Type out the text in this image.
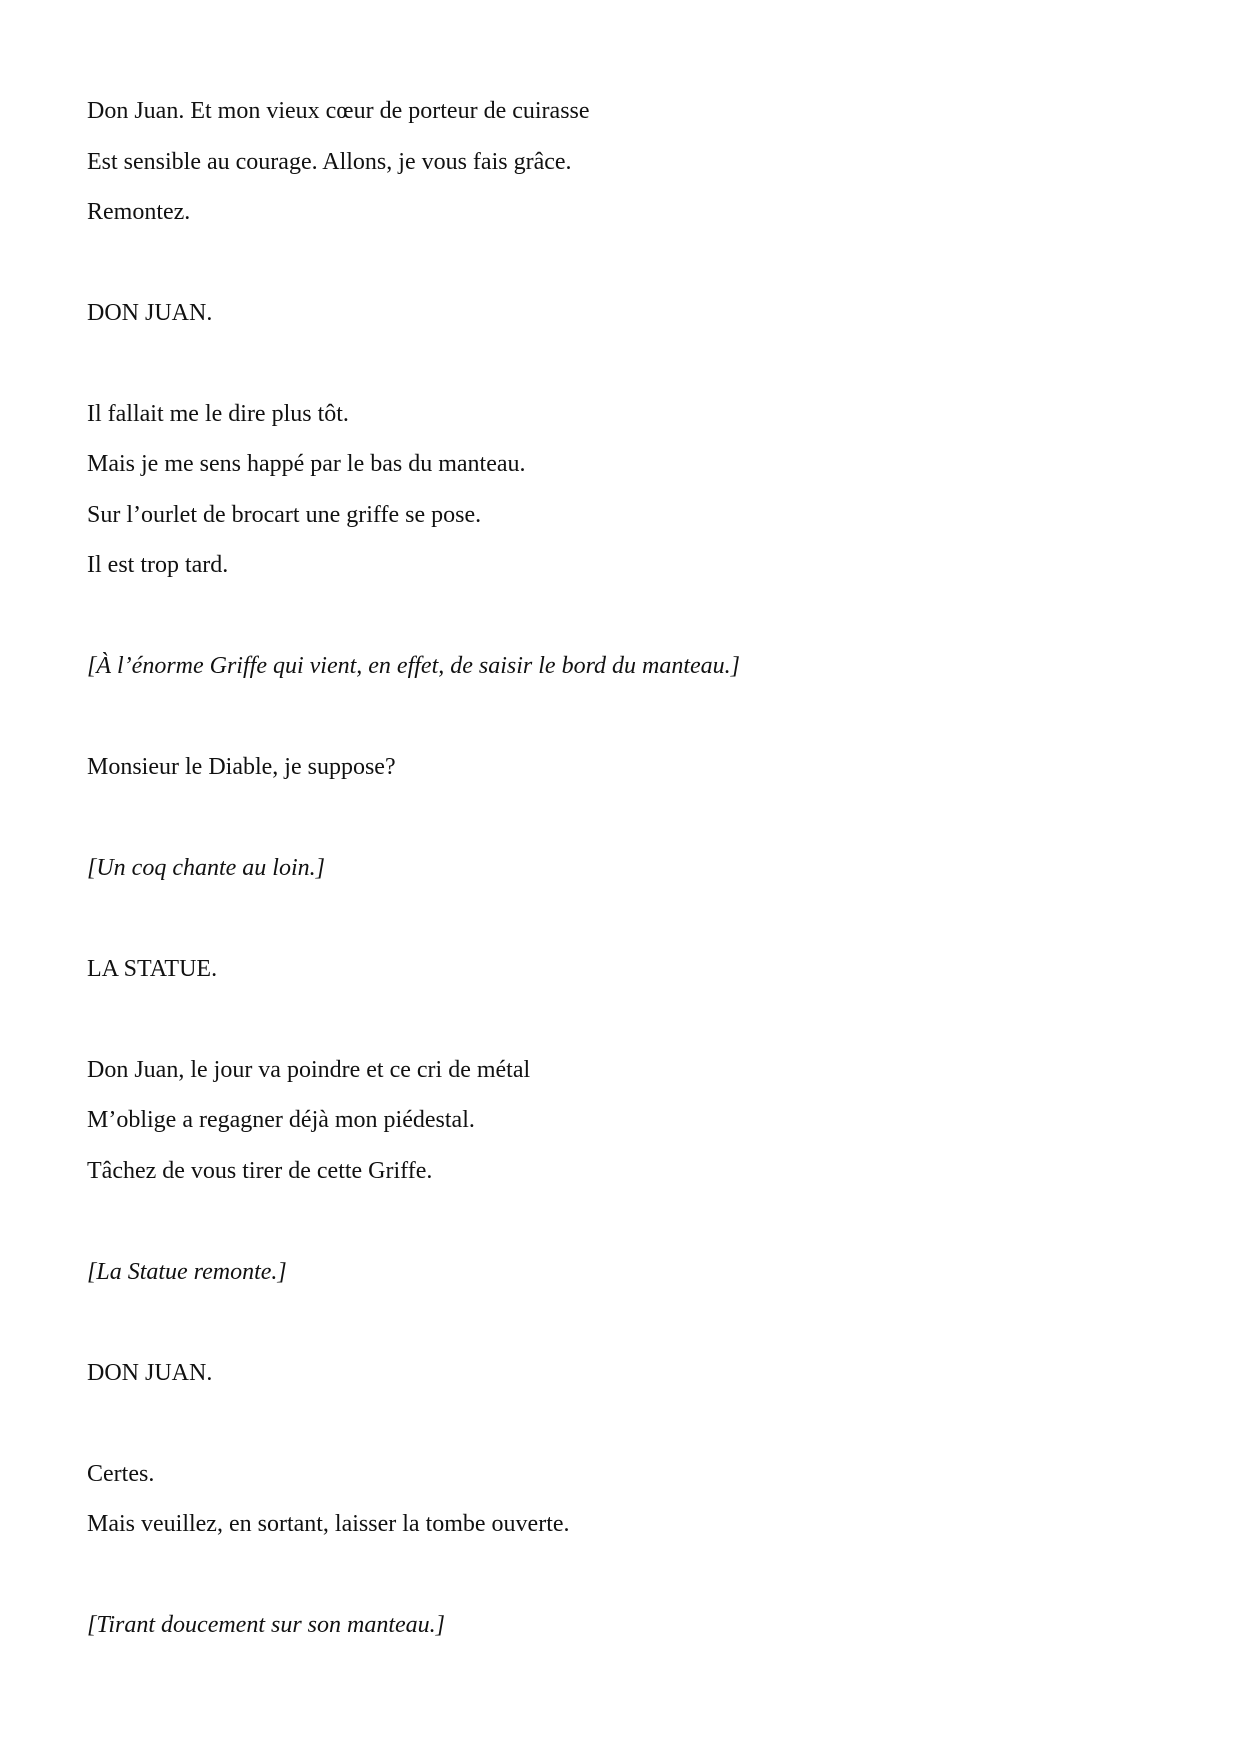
Don Juan. Et mon vieux cœur de porteur de cuirasse

Est sensible au courage. Allons, je vous fais grâce.

Remontez.

DON JUAN.

Il fallait me le dire plus tôt.

Mais je me sens happé par le bas du manteau.

Sur l’ourlet de brocart une griffe se pose.

Il est trop tard.

[À l’énorme Griffe qui vient, en effet, de saisir le bord du manteau.]

Monsieur le Diable, je suppose?

[Un coq chante au loin.]

LA STATUE.

Don Juan, le jour va poindre et ce cri de métal

M’oblige a regagner déjà mon piédestal.

Tâchez de vous tirer de cette Griffe.

[La Statue remonte.]

DON JUAN.

Certes.

Mais veuillez, en sortant, laisser la tombe ouverte.

[Tirant doucement sur son manteau.]
